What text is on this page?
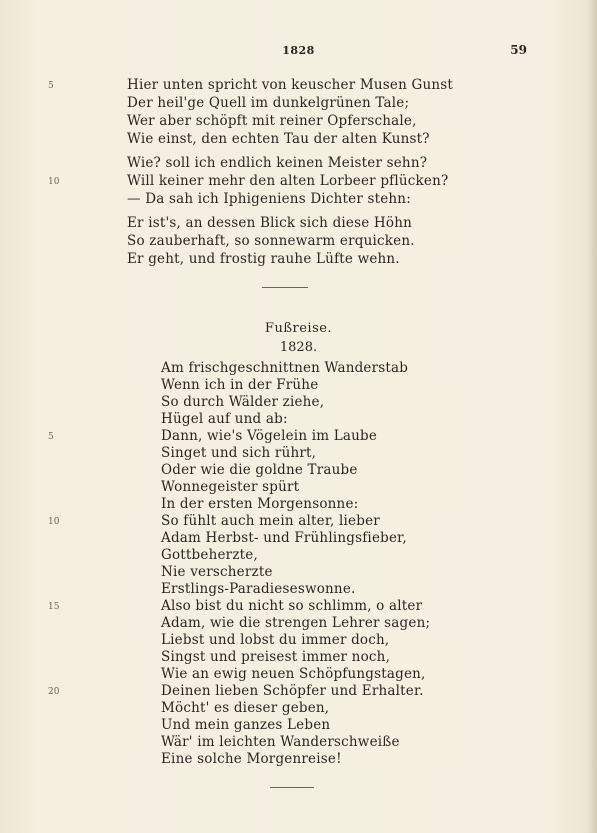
1828	59
Hier unten spricht von keuscher Musen Gunst
Der heil'ge Quell im dunkelgrünen Tale;
Wer aber schöpft mit reiner Opferschale,
Wie einst, den echten Tau der alten Kunst?
Wie? soll ich endlich keinen Meister sehn?
Will keiner mehr den alten Lorbeer pflücken?
— Da sah ich Iphigeniens Dichter stehn:
Er ist's, an dessen Blick sich diese Höhn
So zauberhaft, so sonnewarm erquicken.
Er geht, und frostig rauhe Lüfte wehn.
5
10
Fußreise.
1828.
Am frischgeschnittnen Wanderstab
Wenn ich in der Frühe
So durch Wälder ziehe,
Hügel auf und ab:
Dann, wie's Vögelein im Laube
Singet und sich rührt,
Oder wie die goldne Traube
Wonnegeister spürt
In der ersten Morgensonne:
So fühlt auch mein alter, lieber
Adam Herbst- und Frühlingsfieber,
Gottbeherzte,
Nie verscherzte
Erstlings-Paradieseswonne.
Also bist du nicht so schlimm, o alter
Adam, wie die strengen Lehrer sagen;
Liebst und lobst du immer doch,
Singst und preisest immer noch,
Wie an ewig neuen Schöpfungstagen,
Deinen lieben Schöpfer und Erhalter.
Möcht' es dieser geben,
Und mein ganzes Leben
Wär' im leichten Wanderschweiße
Eine solche Morgenreise!
5
10
15
20
